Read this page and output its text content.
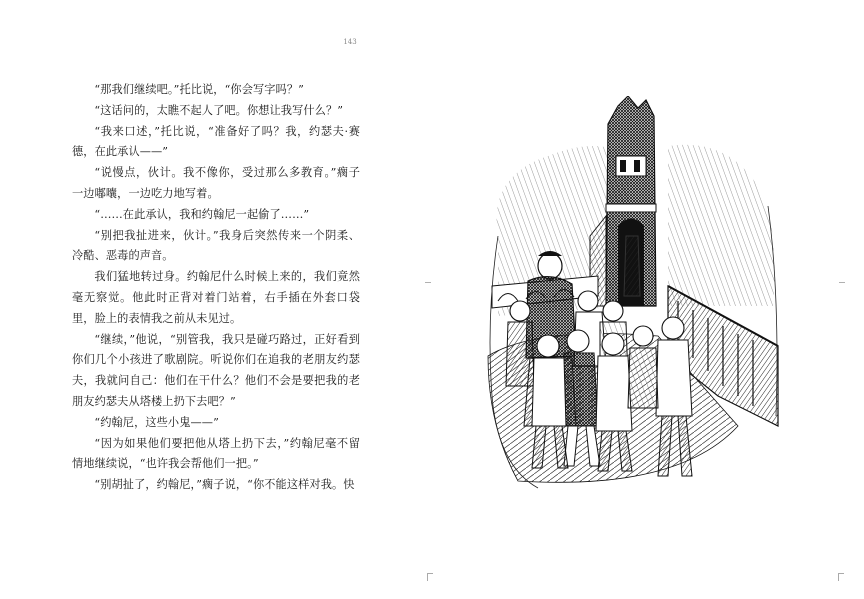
143

“那我们继续吧。”托比说，“你会写字吗？”

“这话问的，太瞧不起人了吧。你想让我写什么？”

“我来口述，”托比说，“准备好了吗？我，约瑟夫·赛德，在此承认——”

“说慢点，伙计。我不像你，受过那么多教育。”瘸子一边嘟囔，一边吃力地写着。

“……在此承认，我和约翰尼一起偷了……”

“别把我扯进来，伙计。”我身后突然传来一个阴柔、冷酷、恶毒的声音。

我们猛地转过身。约翰尼什么时候上来的，我们竟然毫无察觉。他此时正背对着门站着，右手插在外套口袋里，脸上的表情我之前从未见过。

“继续，”他说，“别管我，我只是碰巧路过，正好看到你们几个小孩进了歌剧院。听说你们在追我的老朋友约瑟夫，我就问自己：他们在干什么？他们不会是要把我的老朋友约瑟夫从塔楼上扔下去吧？”

“约翰尼，这些小鬼——”

“因为如果他们要把他从塔上扔下去，”约翰尼毫不留情地继续说，“也许我会帮他们一把。”

“别胡扯了，约翰尼，”瘸子说，“你不能这样对我。快
